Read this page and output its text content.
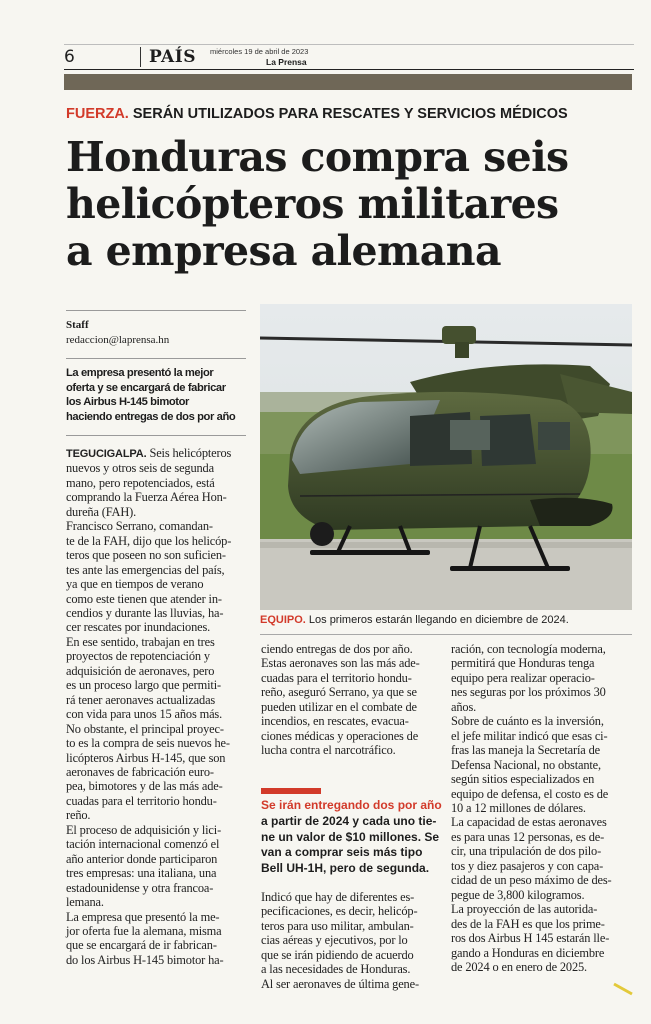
6	PAÍS miércoles 19 de abril de 2023
La Prensa
FUERZA. SERÁN UTILIZADOS PARA RESCATES Y SERVICIOS MÉDICOS
Honduras compra seis
helicópteros militares
a empresa alemana
Staff
redaccion@laprensa.hn

La empresa presentó la mejor
oferta y se encargará de fabricar
los Airbus H-145 bimotor
haciendo entregas de dos por año

TEGUCIGALPA. Seis helicópteros
nuevos y otros seis de segunda
mano, pero repotenciados, está
comprando la Fuerza Aérea Hon-
dureña (FAH).
Francisco Serrano, comandan-
te de la FAH, dijo que los helicóp-
teros que poseen no son suficien-
tes ante las emergencias del país,
ya que en tiempos de verano
como este tienen que atender in-
cendios y durante las lluvias, ha-
cer rescates por inundaciones.
En ese sentido, trabajan en tres
proyectos de repotenciación y
adquisición de aeronaves, pero
es un proceso largo que permiti-
rá tener aeronaves actualizadas
con vida para unos 15 años más.
No obstante, el principal proyec-
to es la compra de seis nuevos he-
licópteros Airbus H-145, que son
aeronaves de fabricación euro-
pea, bimotores y de las más ade-
cuadas para el territorio hondu-
reño.
El proceso de adquisición y lici-
tación internacional comenzó el
año anterior donde participaron
tres empresas: una italiana, una
estadounidense y otra francoa-
lemana.
La empresa que presentó la me-
jor oferta fue la alemana, misma
que se encargará de ir fabrican-
do los Airbus H-145 bimotor ha-
EQUIPO. Los primeros estarán llegando en diciembre de 2024.
ciendo entregas de dos por año.
Estas aeronaves son las más ade-
cuadas para el territorio hondu-
reño, aseguró Serrano, ya que se
pueden utilizar en el combate de
incendios, en rescates, evacua-
ciones médicas y operaciones de
lucha contra el narcotráfico.
Se irán entregando dos por año

a partir de 2024 y cada uno tie-
ne un valor de $10 millones. Se
van a comprar seis más tipo
Bell UH-1H, pero de segunda.

Indicó que hay de diferentes es-
pecificaciones, es decir, helicóp-
teros para uso militar, ambulan-
cias aéreas y ejecutivos, por lo
que se irán pidiendo de acuerdo
a las necesidades de Honduras.
Al ser aeronaves de última gene-
ración, con tecnología moderna,
permitirá que Honduras tenga
equipo pera realizar operacio-
nes seguras por los próximos 30
años.
Sobre de cuánto es la inversión,
el jefe militar indicó que esas ci-
fras las maneja la Secretaría de
Defensa Nacional, no obstante,
según sitios especializados en
equipo de defensa, el costo es de
10 a 12 millones de dólares.
La capacidad de estas aeronaves
es para unas 12 personas, es de-
cir, una tripulación de dos pilo-
tos y diez pasajeros y con capa-
cidad de un peso máximo de des-
pegue de 3,800 kilogramos.
La proyección de las autorida-
des de la FAH es que los prime-
ros dos Airbus H 145 estarán lle-
gando a Honduras en diciembre
de 2024 o en enero de 2025.
